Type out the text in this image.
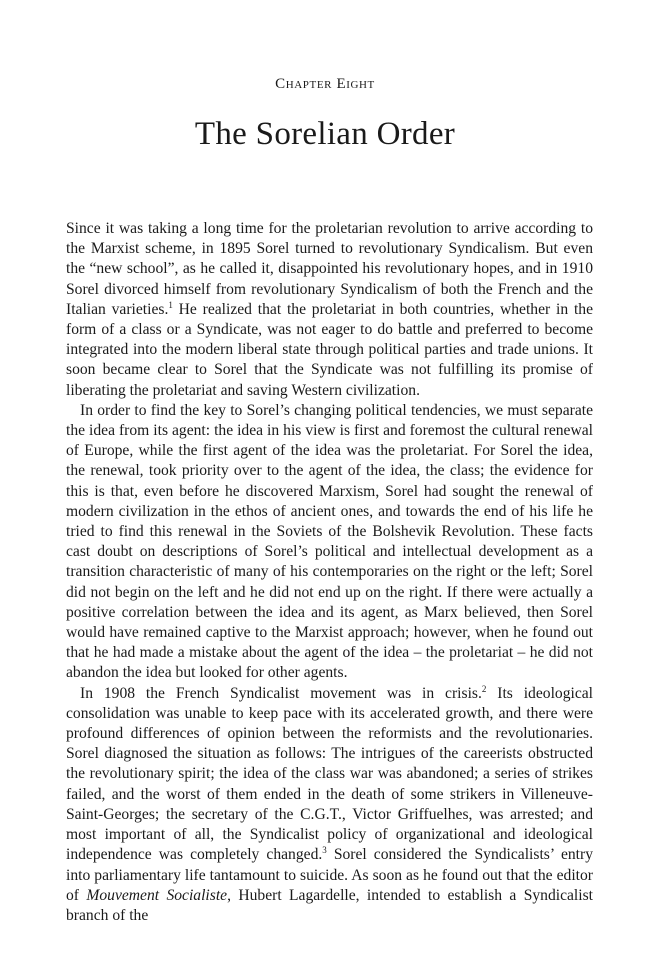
Chapter Eight
The Sorelian Order

Since it was taking a long time for the proletarian revolution to arrive according to the Marxist scheme, in 1895 Sorel turned to revolutionary Syndicalism. But even the “new school”, as he called it, disappointed his revolutionary hopes, and in 1910 Sorel divorced himself from revolutionary Syndicalism of both the French and the Italian varieties.$^1$ He realized that the proletariat in both countries, whether in the form of a class or a Syndicate, was not eager to do battle and preferred to become integrated into the modern liberal state through political parties and trade unions. It soon became clear to Sorel that the Syndicate was not fulfilling its promise of liberating the proletariat and saving Western civilization.

In order to find the key to Sorel’s changing political tendencies, we must separate the idea from its agent: the idea in his view is first and foremost the cultural renewal of Europe, while the first agent of the idea was the proletariat. For Sorel the idea, the renewal, took priority over to the agent of the idea, the class; the evidence for this is that, even before he discovered Marxism, Sorel had sought the renewal of modern civilization in the ethos of ancient ones, and towards the end of his life he tried to find this renewal in the Soviets of the Bolshevik Revolution. These facts cast doubt on descriptions of Sorel’s political and intellectual development as a transition characteristic of many of his contemporaries on the right or the left; Sorel did not begin on the left and he did not end up on the right. If there were actually a positive correlation between the idea and its agent, as Marx believed, then Sorel would have remained captive to the Marxist approach; however, when he found out that he had made a mistake about the agent of the idea – the proletariat – he did not abandon the idea but looked for other agents.

In 1908 the French Syndicalist movement was in crisis.$^2$ Its ideological consolidation was unable to keep pace with its accelerated growth, and there were profound differences of opinion between the reformists and the revolutionaries. Sorel diagnosed the situation as follows: The intrigues of the careerists obstructed the revolutionary spirit; the idea of the class war was abandoned; a series of strikes failed, and the worst of them ended in the death of some strikers in Villeneuve-Saint-Georges; the secretary of the C.G.T., Victor Griffuelhes, was arrested; and most important of all, the Syndicalist policy of organizational and ideological independence was completely changed.$^3$ Sorel considered the Syndicalists’ entry into parliamentary life tantamount to suicide. As soon as he found out that the editor of Mouvement Socialiste, Hubert Lagardelle, intended to establish a Syndicalist branch of the
